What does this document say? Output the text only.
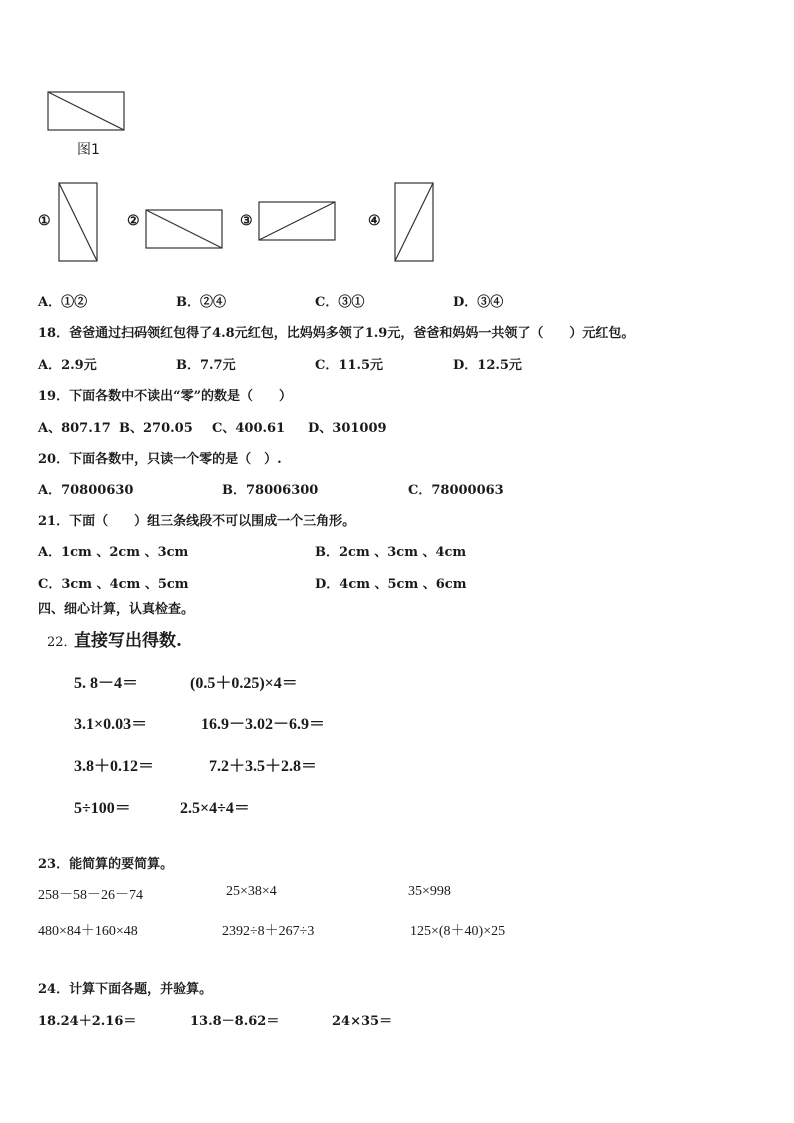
图1
①	②	③	④
A．①②	B．②④	C．③①	D．③④
18．爸爸通过扫码领红包得了4.8元红包，比妈妈多领了1.9元，爸爸和妈妈一共领了（　　）元红包。
A．2.9元	B．7.7元	C．11.5元	D．12.5元
19．下面各数中不读出“零”的数是（　　）
A、807.17 B、270.05 C、400.61 D、301009
20．下面各数中，只读一个零的是（　）.
A．70800630	B．78006300	C．78000063
21．下面（　　）组三条线段不可以围成一个三角形。
A．1cm 、2cm 、3cm	B．2cm 、3cm 、4cm
C．3cm 、4cm 、5cm	D．4cm 、5cm 、6cm
四、细心计算，认真检查。
22．
直接写出得数.
5. 8－4＝	(0.5＋0.25)×4＝
3.1×0.03＝	16.9－3.02－6.9＝
3.8＋0.12＝	7.2＋3.5＋2.8＝
5÷100＝	2.5×4÷4＝
23．能简算的要简算。
258－58－26－74	25×38×4	35×998
480×84＋160×48	2392÷8＋267÷3	125×(8＋40)×25
24．计算下面各题，并验算。
18.24＋2.16＝	13.8－8.62＝	24×35＝
